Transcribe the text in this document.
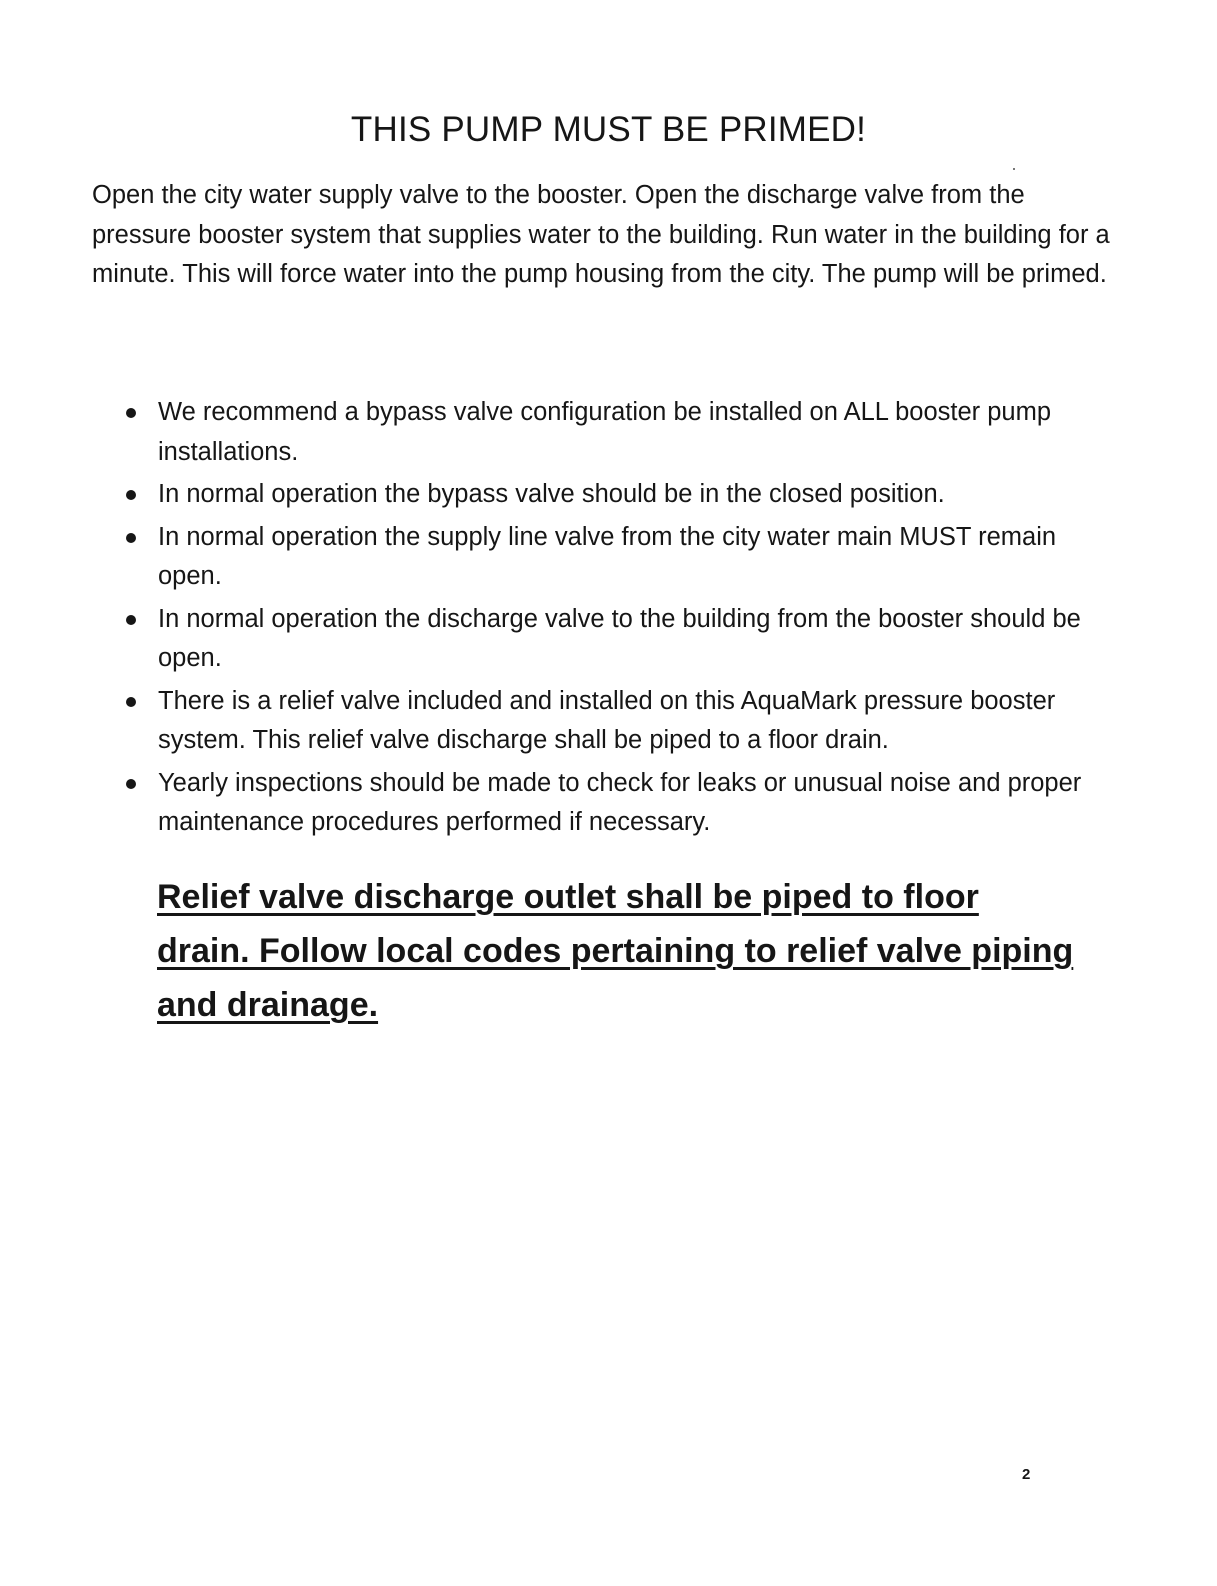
THIS PUMP MUST BE PRIMED!

Open the city water supply valve to the booster. Open the discharge valve from the pressure booster system that supplies water to the building. Run water in the building for a minute. This will force water into the pump housing from the city. The pump will be primed.

We recommend a bypass valve configuration be installed on ALL booster pump installations.
In normal operation the bypass valve should be in the closed position.
In normal operation the supply line valve from the city water main MUST remain open.
In normal operation the discharge valve to the building from the booster should be open.
There is a relief valve included and installed on this AquaMark pressure booster system. This relief valve discharge shall be piped to a floor drain.
Yearly inspections should be made to check for leaks or unusual noise and proper maintenance procedures performed if necessary.

Relief valve discharge outlet shall be piped to floor drain. Follow local codes pertaining to relief valve piping and drainage.

2
